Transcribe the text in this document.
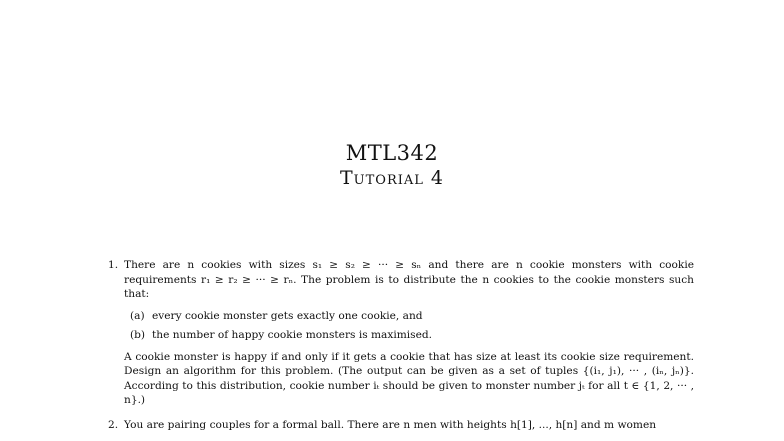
MTL342
Tutorial 4
1. There are n cookies with sizes s₁ ≥ s₂ ≥ ··· ≥ sₙ and there are n cookie monsters with cookie requirements r₁ ≥ r₂ ≥ ··· ≥ rₙ. The problem is to distribute the n cookies to the cookie monsters such that:

(a) every cookie monster gets exactly one cookie, and
(b) the number of happy cookie monsters is maximised.

A cookie monster is happy if and only if it gets a cookie that has size at least its cookie size requirement. Design an algorithm for this problem. (The output can be given as a set of tuples {(i₁, j₁), ··· , (iₙ, jₙ)}. According to this distribution, cookie number iₜ should be given to monster number jₜ for all t ∈ {1, 2, ··· , n}.)

2. You are pairing couples for a formal ball. There are n men with heights h[1], ..., h[n] and m women
